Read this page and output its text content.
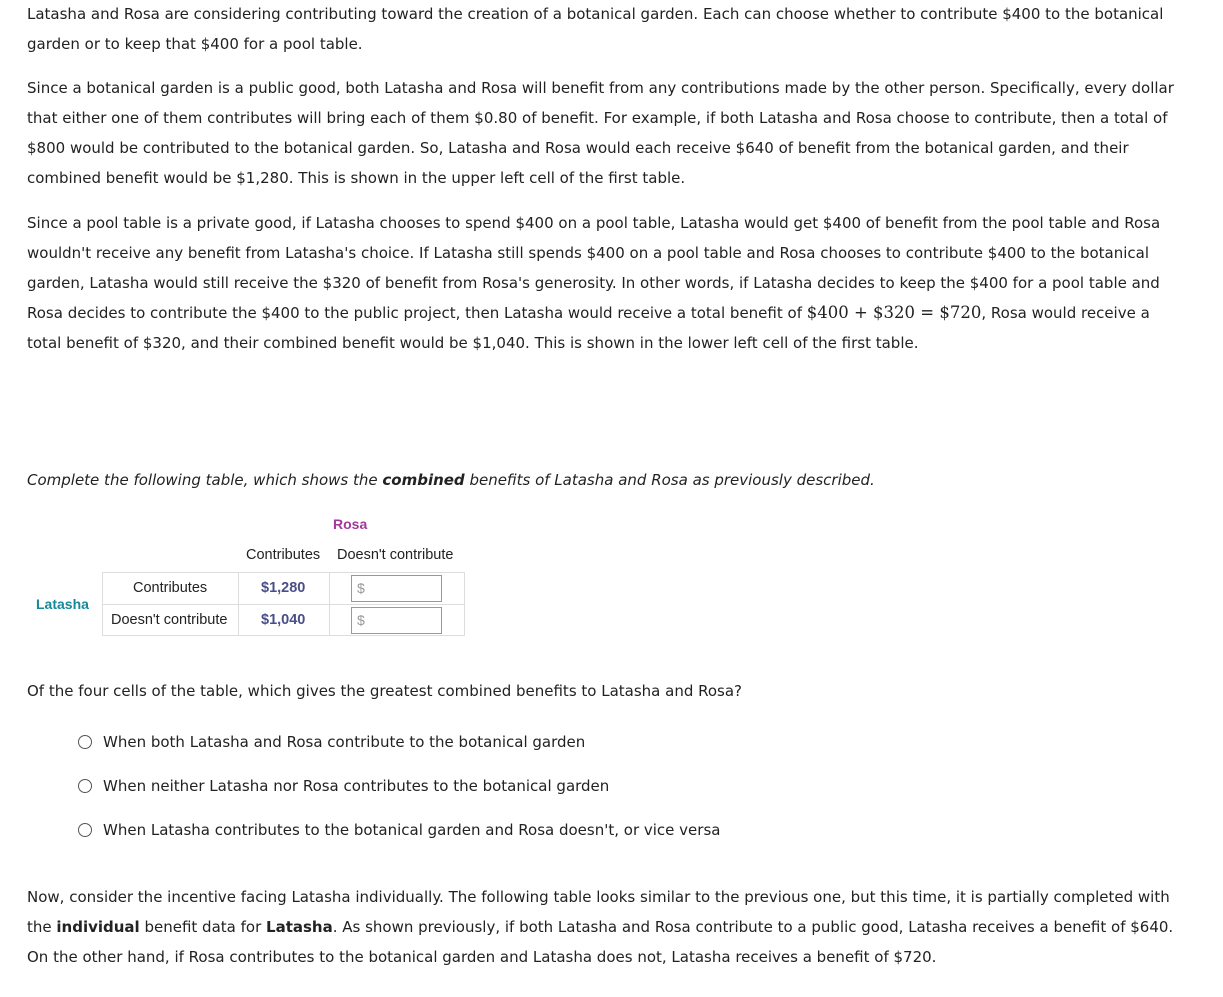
Latasha and Rosa are considering contributing toward the creation of a botanical garden. Each can choose whether to contribute $400 to the botanical garden or to keep that $400 for a pool table.

Since a botanical garden is a public good, both Latasha and Rosa will benefit from any contributions made by the other person. Specifically, every dollar that either one of them contributes will bring each of them $0.80 of benefit. For example, if both Latasha and Rosa choose to contribute, then a total of $800 would be contributed to the botanical garden. So, Latasha and Rosa would each receive $640 of benefit from the botanical garden, and their combined benefit would be $1,280. This is shown in the upper left cell of the first table.

Since a pool table is a private good, if Latasha chooses to spend $400 on a pool table, Latasha would get $400 of benefit from the pool table and Rosa wouldn't receive any benefit from Latasha's choice. If Latasha still spends $400 on a pool table and Rosa chooses to contribute $400 to the botanical garden, Latasha would still receive the $320 of benefit from Rosa's generosity. In other words, if Latasha decides to keep the $400 for a pool table and Rosa decides to contribute the $400 to the public project, then Latasha would receive a total benefit of $400 + $320 = $720, Rosa would receive a total benefit of $320, and their combined benefit would be $1,040. This is shown in the lower left cell of the first table.

Complete the following table, which shows the combined benefits of Latasha and Rosa as previously described.

Rosa
Latasha
Contributes Doesn't contribute
Contributes
Doesn't contribute
$1,280
$1,040
$
$

Of the four cells of the table, which gives the greatest combined benefits to Latasha and Rosa?

When both Latasha and Rosa contribute to the botanical garden
When neither Latasha nor Rosa contributes to the botanical garden
When Latasha contributes to the botanical garden and Rosa doesn't, or vice versa

Now, consider the incentive facing Latasha individually. The following table looks similar to the previous one, but this time, it is partially completed with the individual benefit data for Latasha. As shown previously, if both Latasha and Rosa contribute to a public good, Latasha receives a benefit of $640. On the other hand, if Rosa contributes to the botanical garden and Latasha does not, Latasha receives a benefit of $720.
